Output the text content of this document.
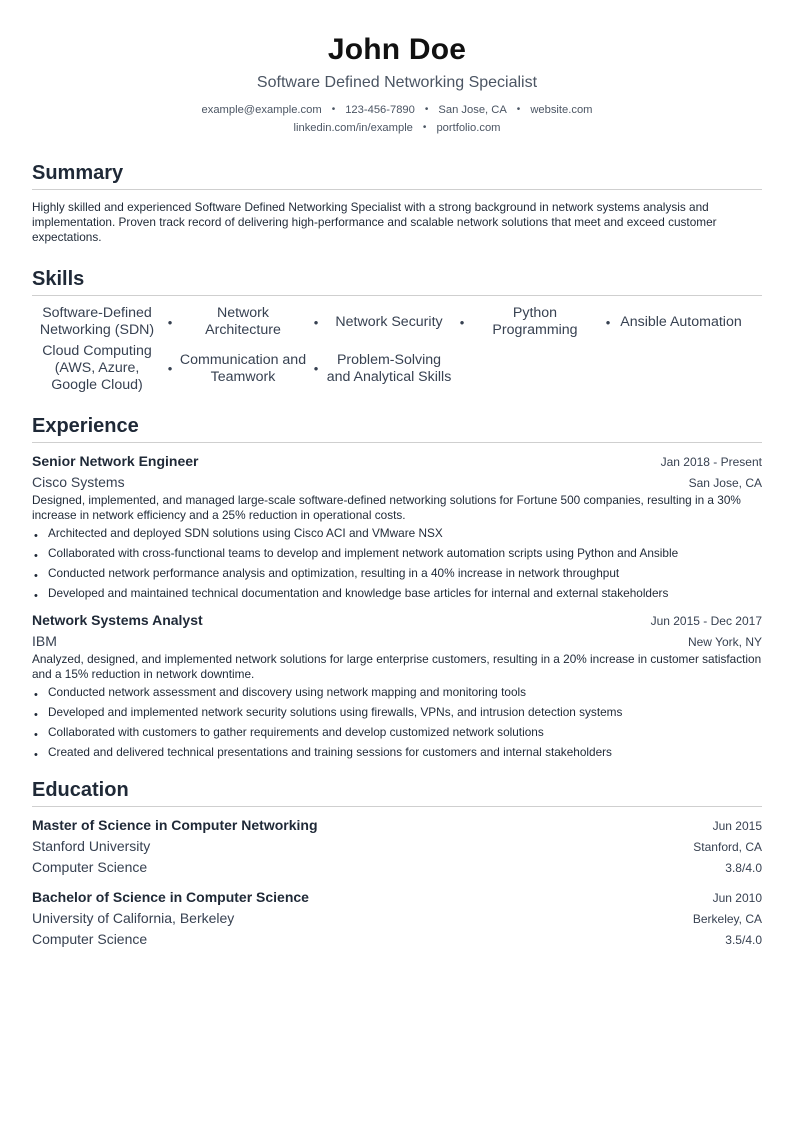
John Doe
Software Defined Networking Specialist
example@example.com • 123-456-7890 • San Jose, CA • website.com
linkedin.com/in/example • portfolio.com
Summary
Highly skilled and experienced Software Defined Networking Specialist with a strong background in network systems analysis and implementation. Proven track record of delivering high-performance and scalable network solutions that meet and exceed customer expectations.
Skills
Software-Defined Networking (SDN)	•
Network Architecture	•	Network Security	•
Python Programming	• Ansible Automation
Cloud Computing (AWS, Azure, Google Cloud)
•
Communication and Teamwork	•
Problem-Solving and Analytical Skills
Experience
Senior Network Engineer	Jan 2018 - Present
Cisco Systems	San Jose, CA
Designed, implemented, and managed large-scale software-defined networking solutions for Fortune 500 companies, resulting in a 30% increase in network efficiency and a 25% reduction in operational costs.
• Architected and deployed SDN solutions using Cisco ACI and VMware NSX
• Collaborated with cross-functional teams to develop and implement network automation scripts using Python and Ansible
• Conducted network performance analysis and optimization, resulting in a 40% increase in network throughput
• Developed and maintained technical documentation and knowledge base articles for internal and external stakeholders
Network Systems Analyst	Jun 2015 - Dec 2017
IBM	New York, NY
Analyzed, designed, and implemented network solutions for large enterprise customers, resulting in a 20% increase in customer satisfaction and a 15% reduction in network downtime.
• Conducted network assessment and discovery using network mapping and monitoring tools
• Developed and implemented network security solutions using firewalls, VPNs, and intrusion detection systems
• Collaborated with customers to gather requirements and develop customized network solutions
• Created and delivered technical presentations and training sessions for customers and internal stakeholders
Education
Master of Science in Computer Networking	Jun 2015
Stanford University	Stanford, CA
Computer Science	3.8/4.0
Bachelor of Science in Computer Science	Jun 2010
University of California, Berkeley	Berkeley, CA
Computer Science	3.5/4.0
